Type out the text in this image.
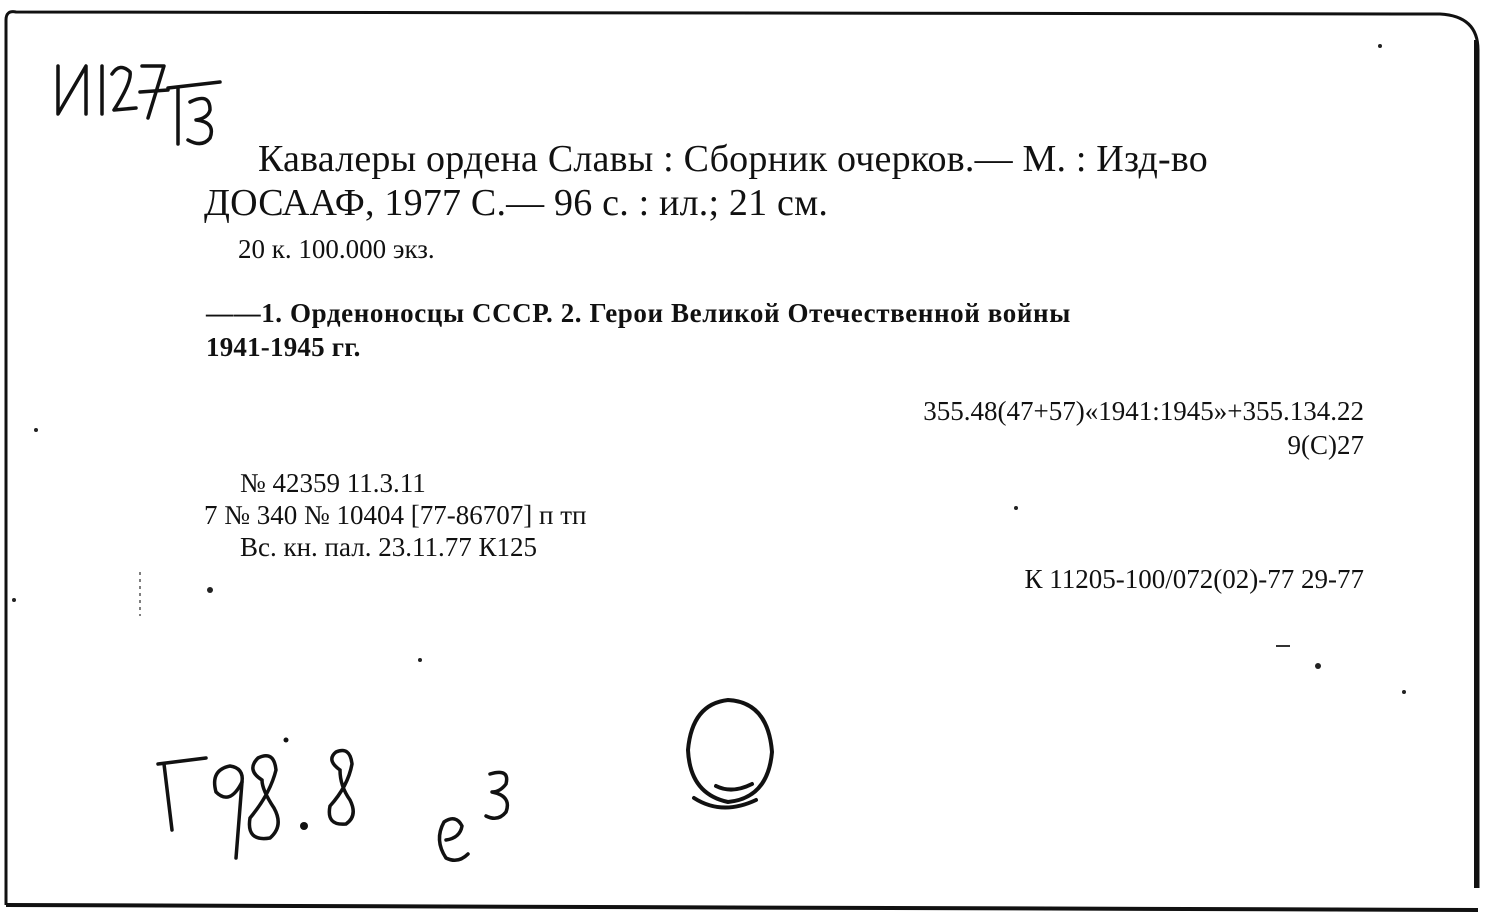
Кавалеры ордена Славы : Сборник очерков.— М. : Изд-во
ДОСААФ, 1977 С.— 96 с. : ил.; 21 см.
20 к. 100.000 экз.
——1. Орденоносцы СССР. 2. Герои Великой Отечественной войны
1941-1945 гг.
355.48(47+57)«1941:1945»+355.134.22
9(С)27
№ 42359 11.3.11
7 № 340 № 10404 [77-86707] п тп
Вс. кн. пал. 23.11.77 К125
К 11205-100/072(02)-77 29-77
